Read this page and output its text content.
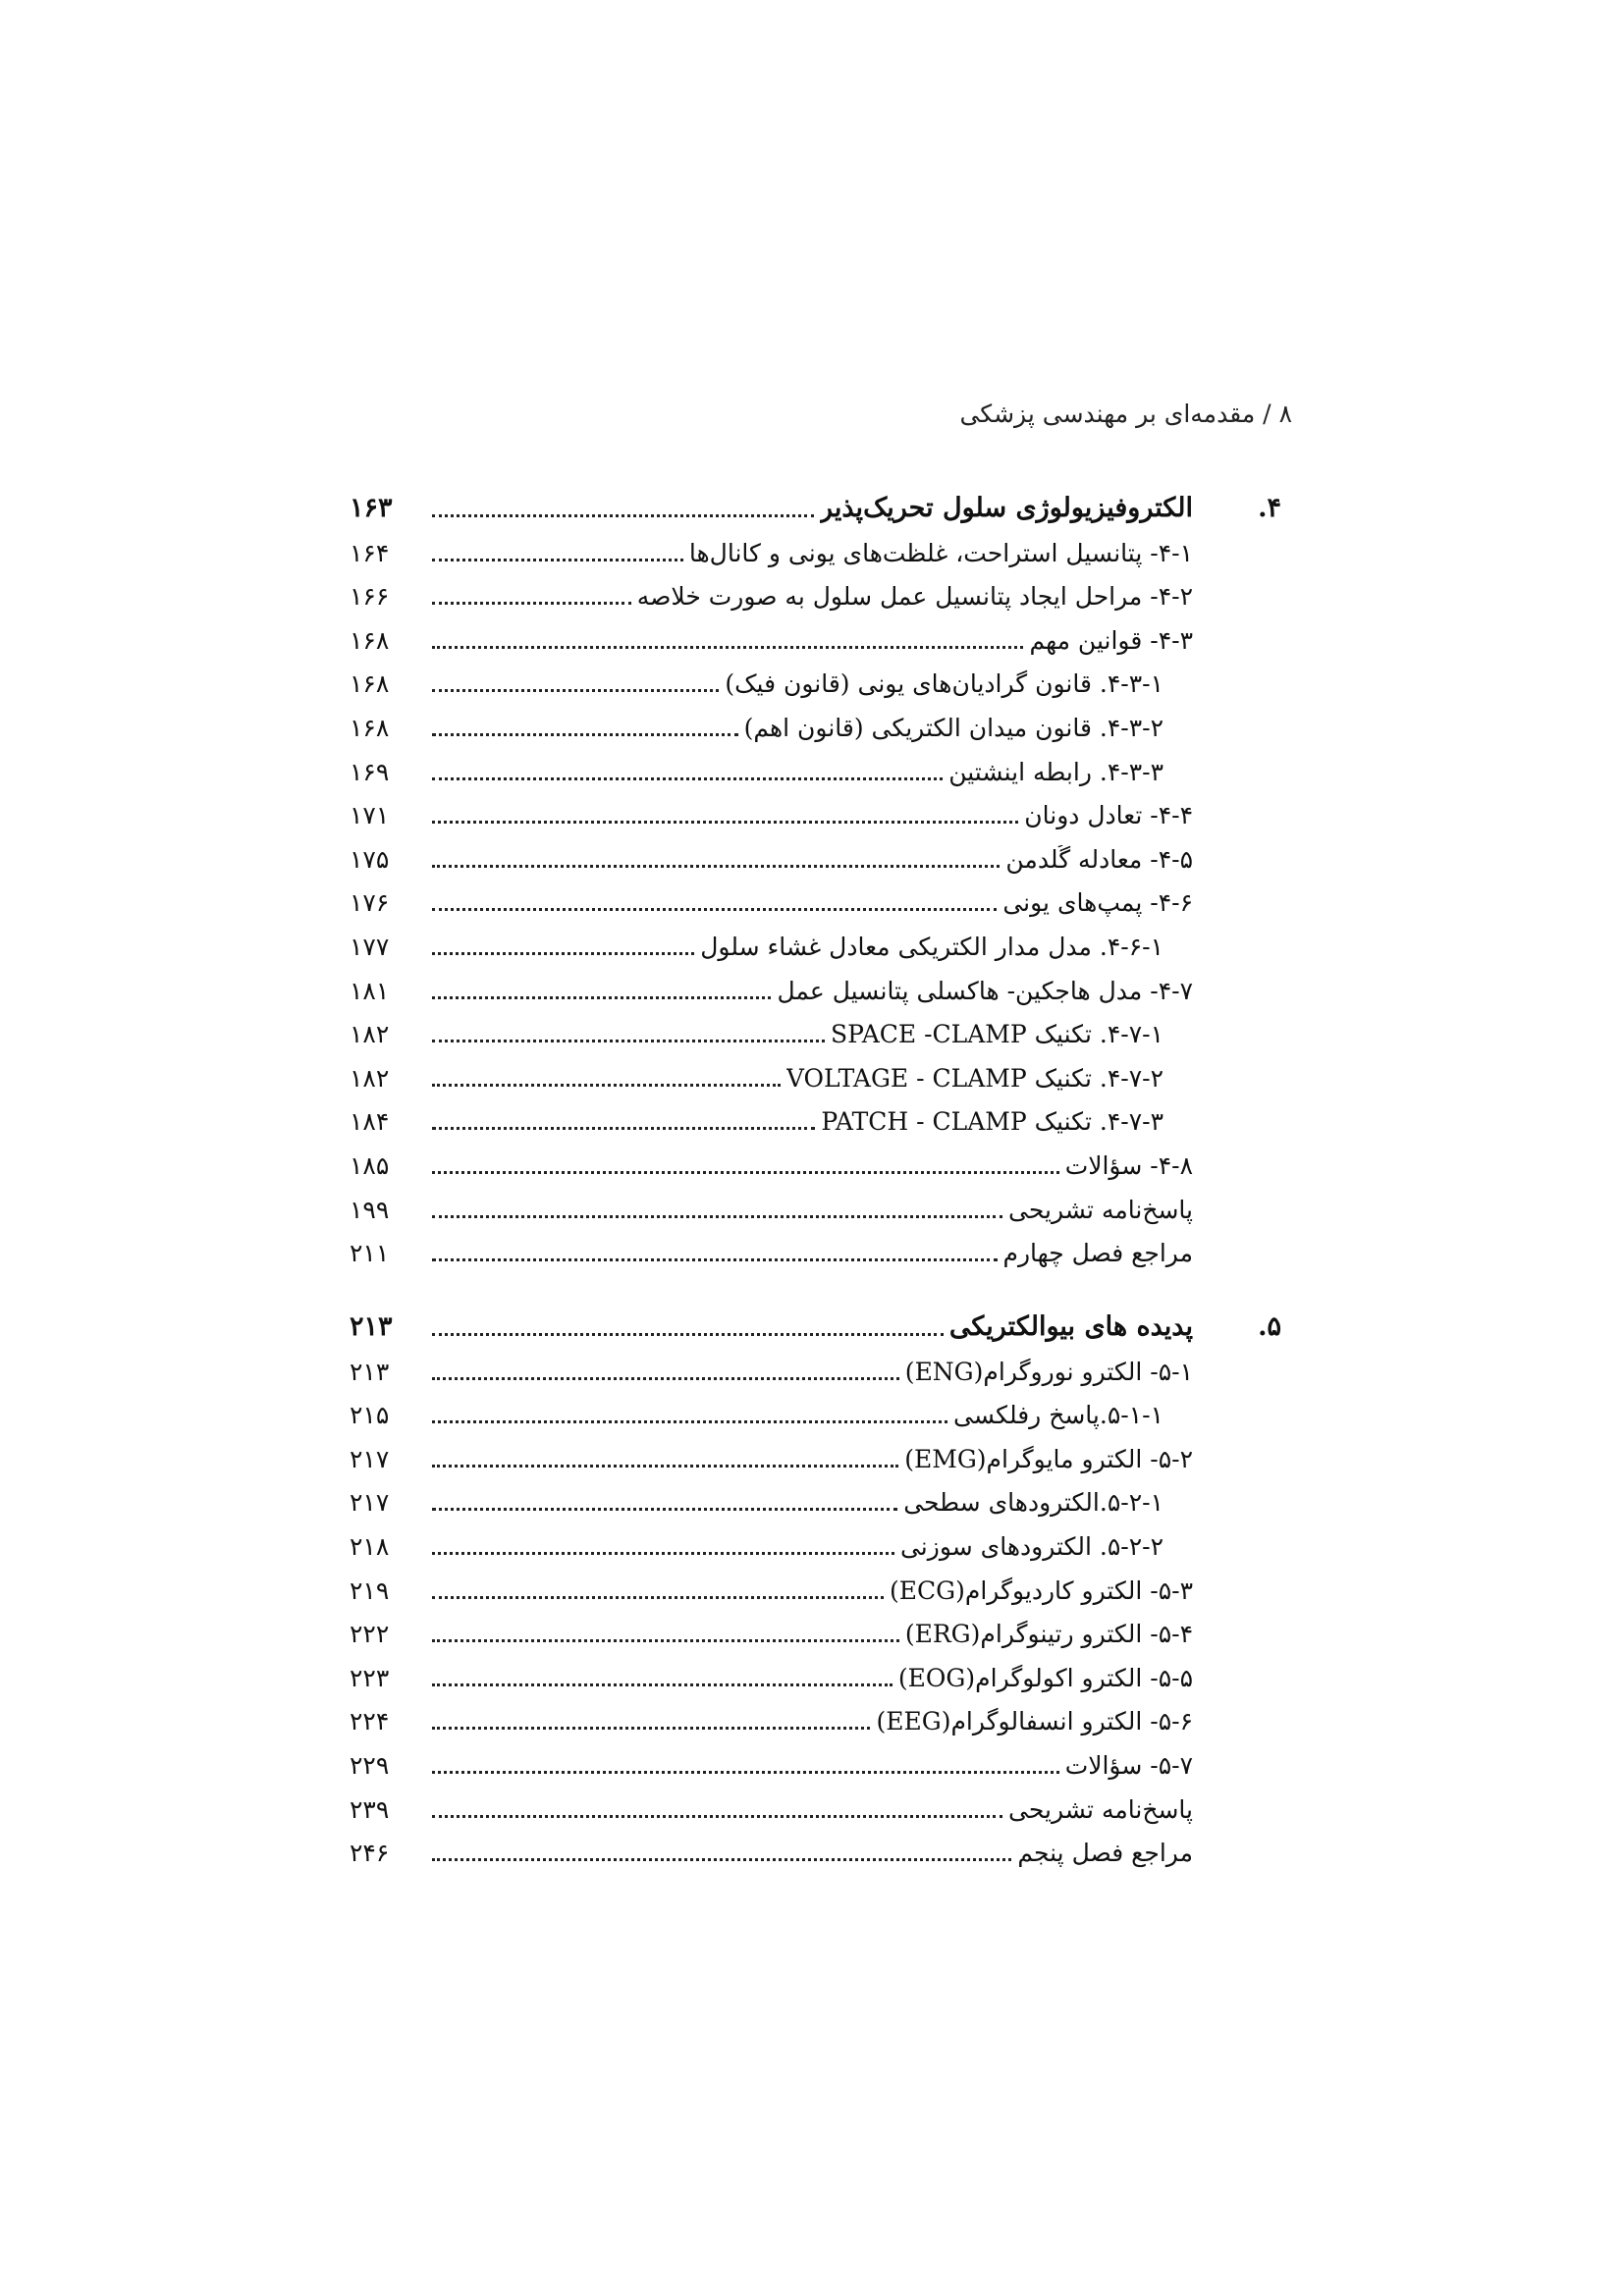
۸ / مقدمه‌ای بر مهندسی پزشکی
۴.
الکتروفیزیولوژی سلول تحریک‌پذیر
۱۶۳
۴-۱- پتانسیل استراحت، غلظت‌های یونی و کانال‌ها
۱۶۴
۴-۲- مراحل ایجاد پتانسیل عمل سلول به صورت خلاصه
۱۶۶
۴-۳- قوانین مهم
۱۶۸
۴-۳-۱. قانون گرادیان‌های یونی (قانون فیک)
۱۶۸
۴-۳-۲. قانون میدان الکتریکی (قانون اهم)
۱۶۸
۴-۳-۳. رابطه اینشتین
۱۶۹
۴-۴- تعادل دونان
۱۷۱
۴-۵- معادله گُلدمن
۱۷۵
۴-۶- پمپ‌های یونی
۱۷۶
۴-۶-۱. مدل مدار الکتریکی معادل غشاء سلول
۱۷۷
۴-۷- مدل هاجکین- هاکسلی پتانسیل عمل
۱۸۱
۴-۷-۱. تکنیک SPACE -CLAMP
۱۸۲
۴-۷-۲. تکنیک VOLTAGE - CLAMP
۱۸۲
۴-۷-۳. تکنیک PATCH - CLAMP
۱۸۴
۴-۸- سؤالات
۱۸۵
پاسخ‌نامه تشریحی
۱۹۹
مراجع فصل چهارم
۲۱۱
۵.
پدیده های بیوالکتریکی
۲۱۳
۵-۱- الکترو نوروگرام(ENG)
۲۱۳
۵-۱-۱.پاسخ رفلکسی
۲۱۵
۵-۲- الکترو مایوگرام(EMG)
۲۱۷
۵-۲-۱.الکترودهای سطحی
۲۱۷
۵-۲-۲. الکترودهای سوزنی
۲۱۸
۵-۳- الکترو کاردیوگرام(ECG)
۲۱۹
۵-۴- الکترو رتینوگرام(ERG)
۲۲۲
۵-۵- الکترو اکولوگرام(EOG)
۲۲۳
۵-۶- الکترو انسفالوگرام(EEG)
۲۲۴
۵-۷- سؤالات
۲۲۹
پاسخ‌نامه تشریحی
۲۳۹
مراجع فصل پنجم
۲۴۶
